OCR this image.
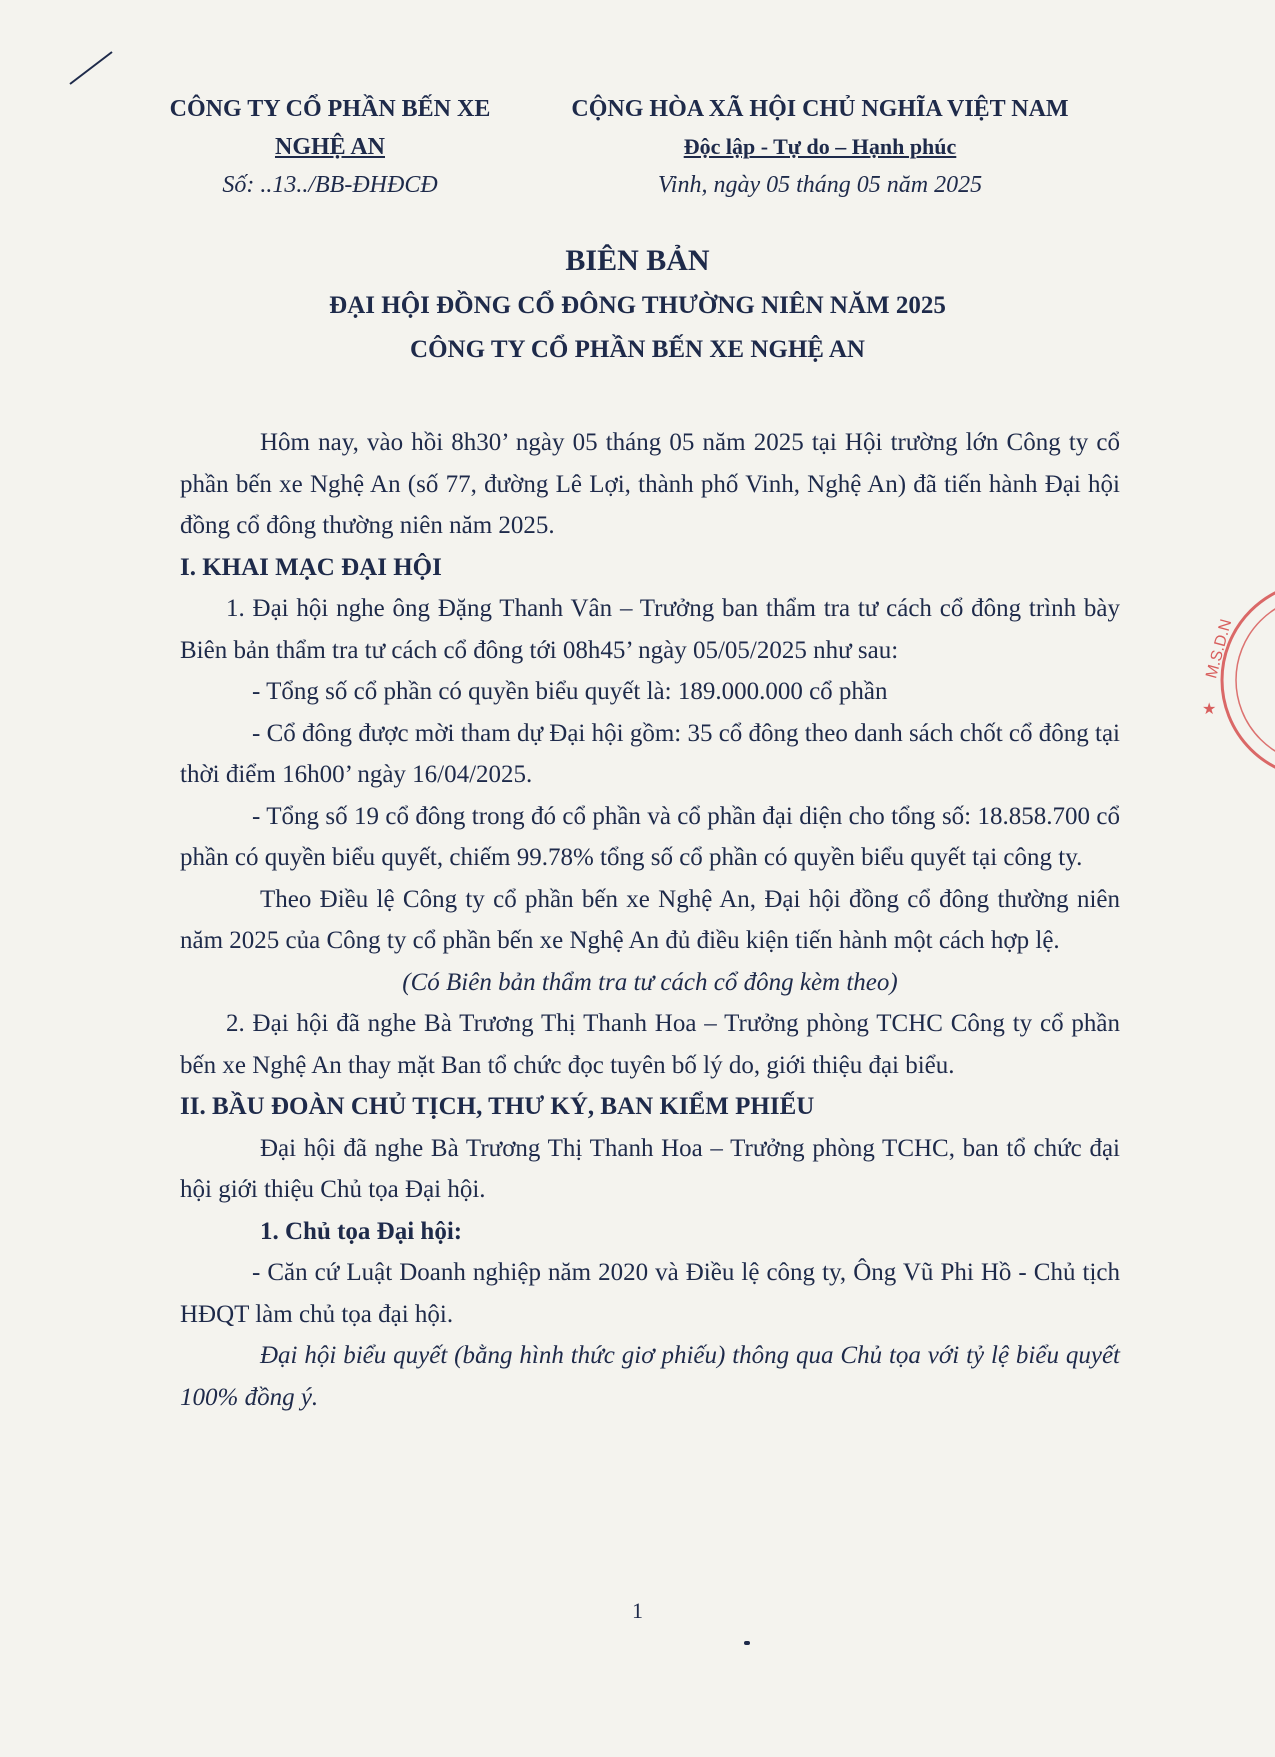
CÔNG TY CỔ PHẦN BẾN XE
NGHỆ AN
Số: ..13../BB-ĐHĐCĐ
CỘNG HÒA XÃ HỘI CHỦ NGHĨA VIỆT NAM
Độc lập - Tự do – Hạnh phúc
Vinh, ngày 05 tháng 05 năm 2025
BIÊN BẢN
ĐẠI HỘI ĐỒNG CỔ ĐÔNG THƯỜNG NIÊN NĂM 2025
CÔNG TY CỔ PHẦN BẾN XE NGHỆ AN

Hôm nay, vào hồi 8h30’ ngày 05 tháng 05 năm 2025 tại Hội trường lớn Công ty cổ phần bến xe Nghệ An (số 77, đường Lê Lợi, thành phố Vinh, Nghệ An) đã tiến hành Đại hội đồng cổ đông thường niên năm 2025.

I. KHAI MẠC ĐẠI HỘI

1. Đại hội nghe ông Đặng Thanh Vân – Trưởng ban thẩm tra tư cách cổ đông trình bày Biên bản thẩm tra tư cách cổ đông tới 08h45’ ngày 05/05/2025 như sau:

- Tổng số cổ phần có quyền biểu quyết là: 189.000.000 cổ phần

- Cổ đông được mời tham dự Đại hội gồm: 35 cổ đông theo danh sách chốt cổ đông tại thời điểm 16h00’ ngày 16/04/2025.

- Tổng số 19 cổ đông trong đó cổ phần và cổ phần đại diện cho tổng số: 18.858.700 cổ phần có quyền biểu quyết, chiếm 99.78% tổng số cổ phần có quyền biểu quyết tại công ty.

Theo Điều lệ Công ty cổ phần bến xe Nghệ An, Đại hội đồng cổ đông thường niên năm 2025 của Công ty cổ phần bến xe Nghệ An đủ điều kiện tiến hành một cách hợp lệ.

(Có Biên bản thẩm tra tư cách cổ đông kèm theo)

2. Đại hội đã nghe Bà Trương Thị Thanh Hoa – Trưởng phòng TCHC Công ty cổ phần bến xe Nghệ An thay mặt Ban tổ chức đọc tuyên bố lý do, giới thiệu đại biểu.

II. BẦU ĐOÀN CHỦ TỊCH, THƯ KÝ, BAN KIỂM PHIẾU

Đại hội đã nghe Bà Trương Thị Thanh Hoa – Trưởng phòng TCHC, ban tổ chức đại hội giới thiệu Chủ tọa Đại hội.

1. Chủ tọa Đại hội:

- Căn cứ Luật Doanh nghiệp năm 2020 và Điều lệ công ty, Ông Vũ Phi Hồ - Chủ tịch HĐQT làm chủ tọa đại hội.

Đại hội biểu quyết (bằng hình thức giơ phiếu) thông qua Chủ tọa với tỷ lệ biểu quyết 100% đồng ý.

1
M.S.D.N
★
